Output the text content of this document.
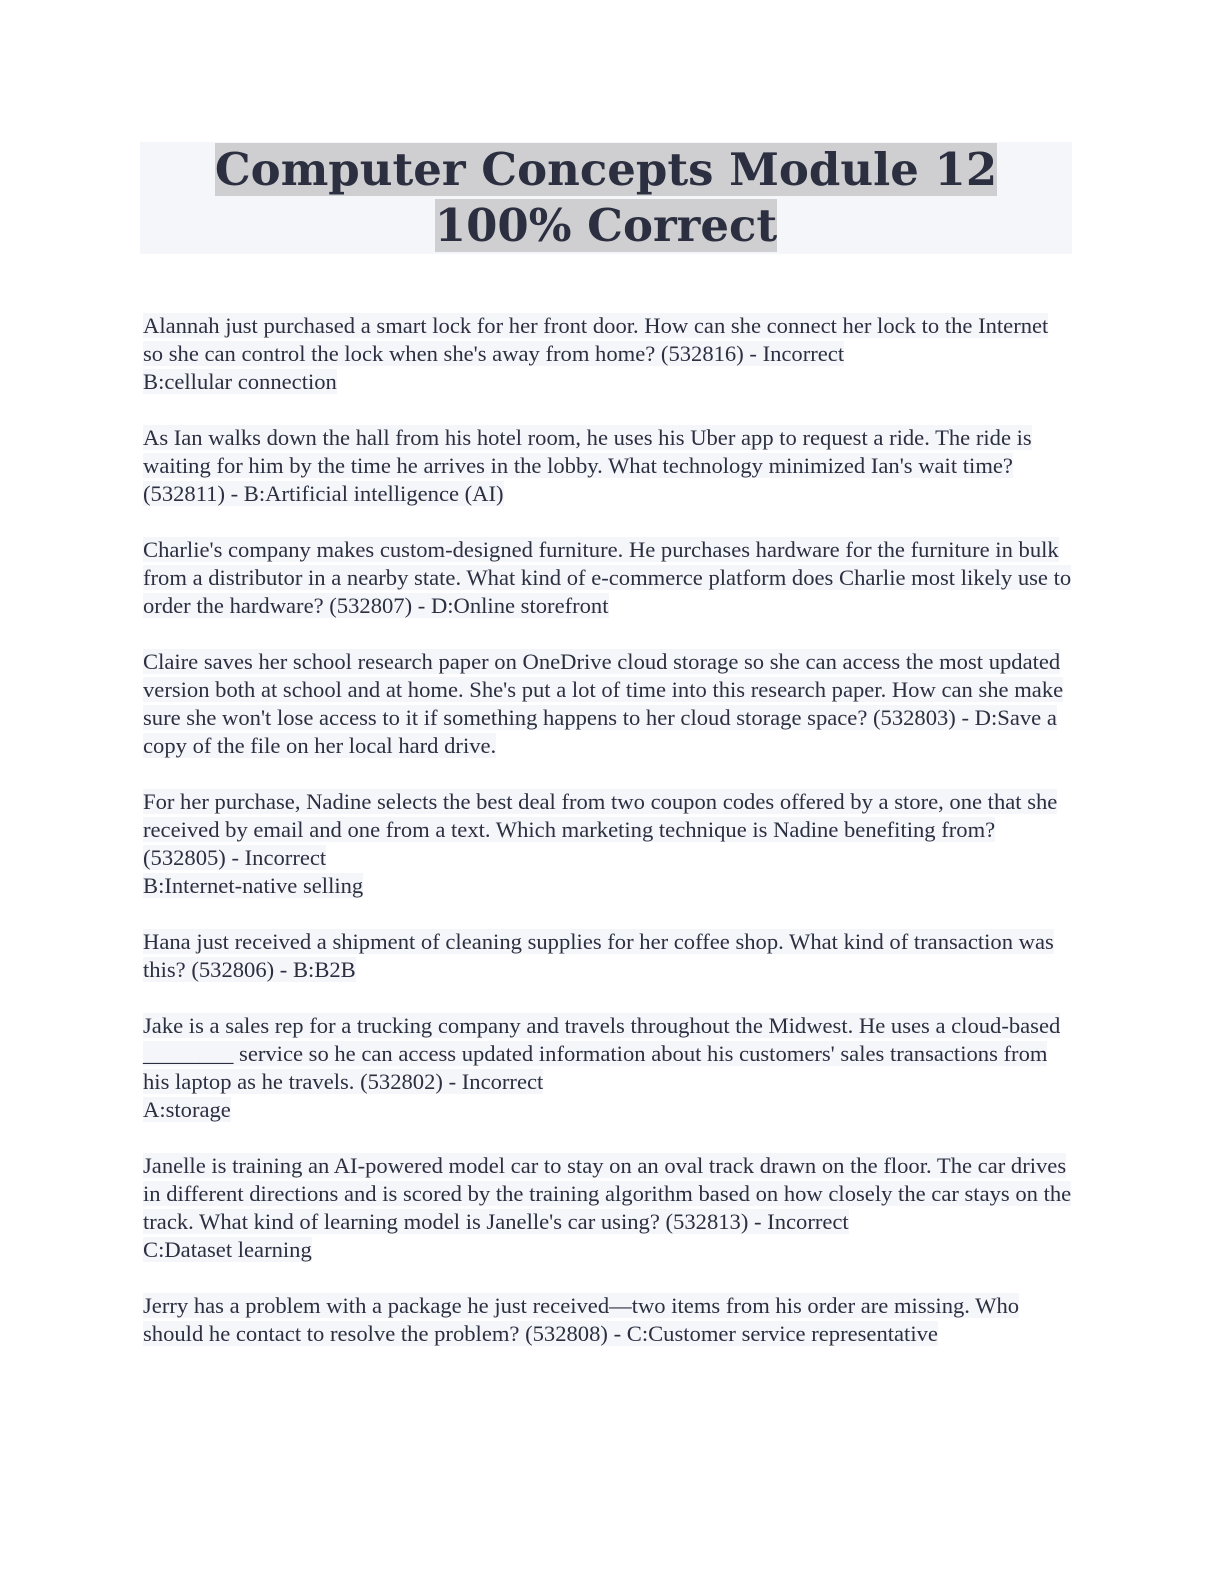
Computer Concepts Module 12 100% Correct

Alannah just purchased a smart lock for her front door. How can she connect her lock to the Internet so she can control the lock when she's away from home? (532816) - Incorrect
B:cellular connection

As Ian walks down the hall from his hotel room, he uses his Uber app to request a ride. The ride is waiting for him by the time he arrives in the lobby. What technology minimized Ian's wait time? (532811) - B:Artificial intelligence (AI)

Charlie's company makes custom-designed furniture. He purchases hardware for the furniture in bulk from a distributor in a nearby state. What kind of e-commerce platform does Charlie most likely use to order the hardware? (532807) - D:Online storefront

Claire saves her school research paper on OneDrive cloud storage so she can access the most updated version both at school and at home. She's put a lot of time into this research paper. How can she make sure she won't lose access to it if something happens to her cloud storage space? (532803) - D:Save a copy of the file on her local hard drive.

For her purchase, Nadine selects the best deal from two coupon codes offered by a store, one that she received by email and one from a text. Which marketing technique is Nadine benefiting from? (532805) - Incorrect
B:Internet-native selling

Hana just received a shipment of cleaning supplies for her coffee shop. What kind of transaction was this? (532806) - B:B2B

Jake is a sales rep for a trucking company and travels throughout the Midwest. He uses a cloud-based ________ service so he can access updated information about his customers' sales transactions from his laptop as he travels. (532802) - Incorrect
A:storage

Janelle is training an AI-powered model car to stay on an oval track drawn on the floor. The car drives in different directions and is scored by the training algorithm based on how closely the car stays on the track. What kind of learning model is Janelle's car using? (532813) - Incorrect
C:Dataset learning

Jerry has a problem with a package he just received—two items from his order are missing. Who should he contact to resolve the problem? (532808) - C:Customer service representative
